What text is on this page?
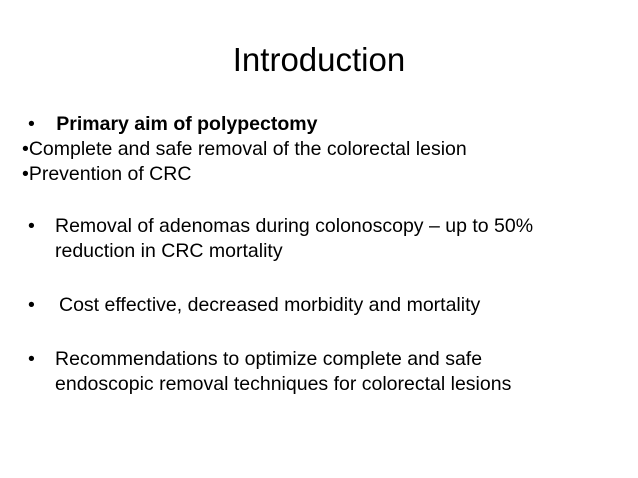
Introduction
• Primary aim of polypectomy
•Complete and safe removal of the colorectal lesion
•Prevention of CRC
•	Removal of adenomas during colonoscopy – up to 50% reduction in CRC mortality
•	Cost effective, decreased morbidity and mortality
•	Recommendations to optimize complete and safe endoscopic removal techniques for colorectal lesions
